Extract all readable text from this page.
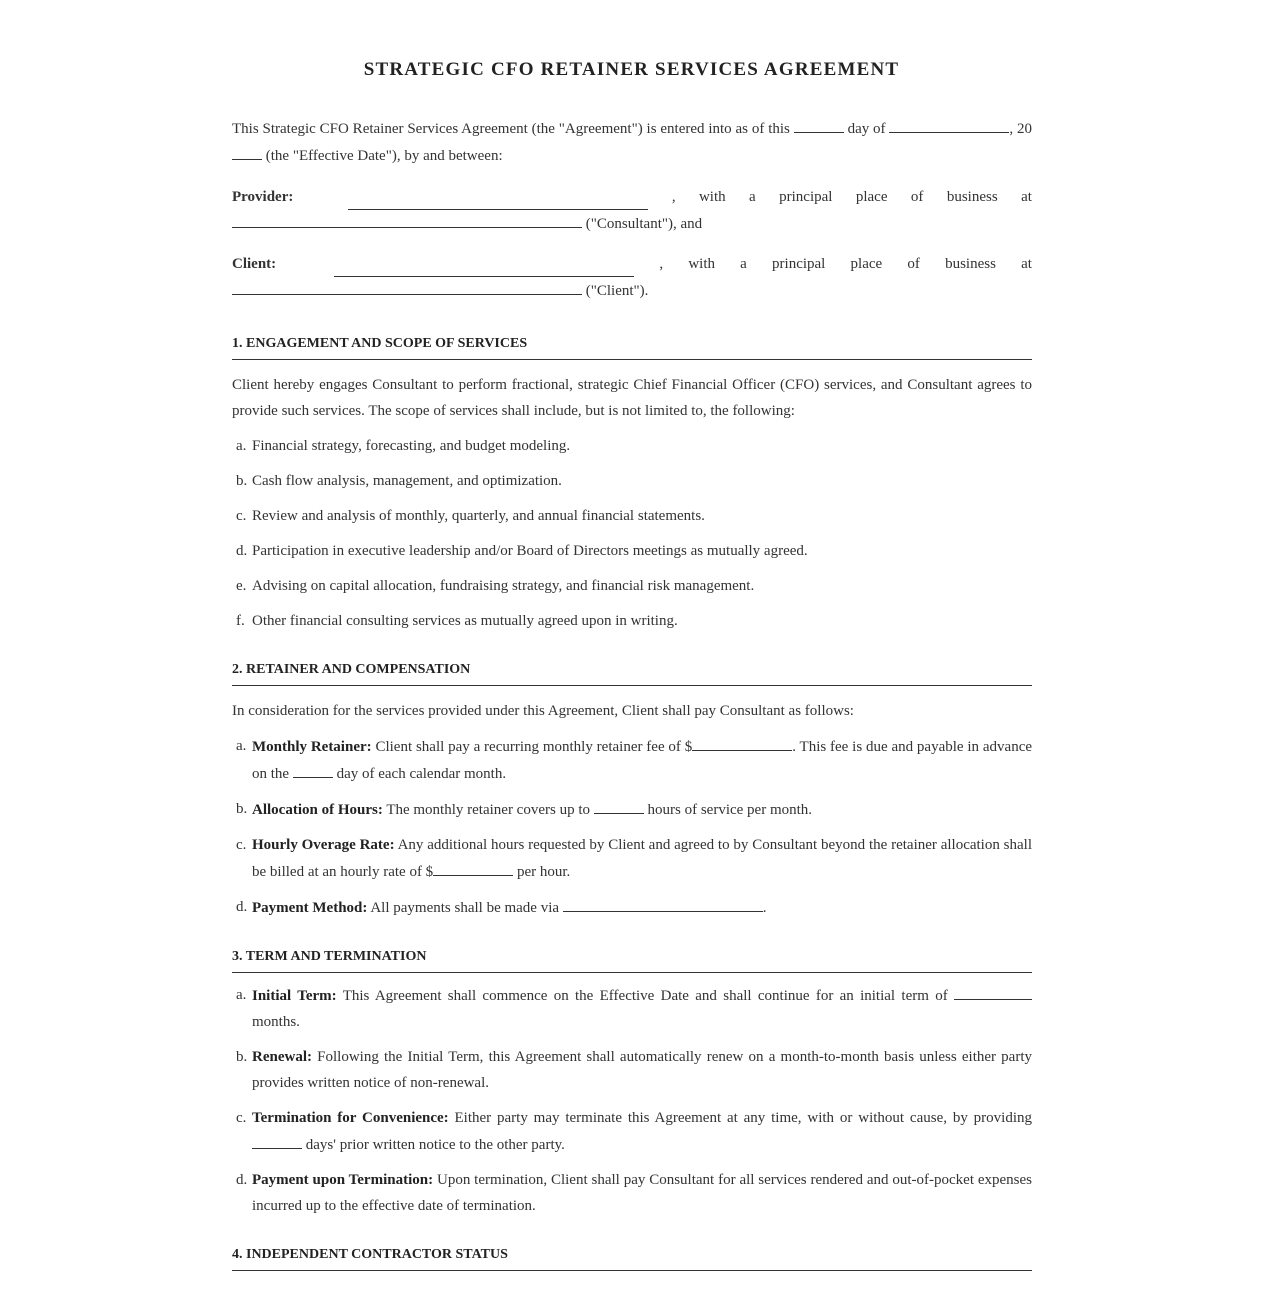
STRATEGIC CFO RETAINER SERVICES AGREEMENT

This Strategic CFO Retainer Services Agreement (the "Agreement") is entered into as of this	day of	, 20 (the "Effective Date"), by and between:

Provider:	, with a principal place of business at
("Consultant"), and
Client:	, with a principal place of business at
("Client").
1. ENGAGEMENT AND SCOPE OF SERVICES

Client hereby engages Consultant to perform fractional, strategic Chief Financial Officer (CFO) services, and Consultant agrees to provide such services. The scope of services shall include, but is not limited to, the following:

a. Financial strategy, forecasting, and budget modeling.
b. Cash flow analysis, management, and optimization.
c. Review and analysis of monthly, quarterly, and annual financial statements.
d. Participation in executive leadership and/or Board of Directors meetings as mutually agreed.
e. Advising on capital allocation, fundraising strategy, and financial risk management.
f. Other financial consulting services as mutually agreed upon in writing.
2. RETAINER AND COMPENSATION

In consideration for the services provided under this Agreement, Client shall pay Consultant as follows:

a. Monthly Retainer: Client shall pay a recurring monthly retainer fee of $	. This fee is due and payable in advance on the	day of each calendar month.
b. Allocation of Hours: The monthly retainer covers up to	hours of service per month.
c. Hourly Overage Rate: Any additional hours requested by Client and agreed to by Consultant beyond the retainer allocation shall be billed at an hourly rate of $	per hour.
d. Payment Method: All payments shall be made via	.
3. TERM AND TERMINATION
a. Initial Term: This Agreement shall commence on the Effective Date and shall continue for an initial term of  months.
b. Renewal: Following the Initial Term, this Agreement shall automatically renew on a month-to-month basis unless either party provides written notice of non-renewal.
c. Termination for Convenience: Either party may terminate this Agreement at any time, with or without cause, by providing  days' prior written notice to the other party.
d. Payment upon Termination: Upon termination, Client shall pay Consultant for all services rendered and out-of-pocket expenses incurred up to the effective date of termination.
4. INDEPENDENT CONTRACTOR STATUS
